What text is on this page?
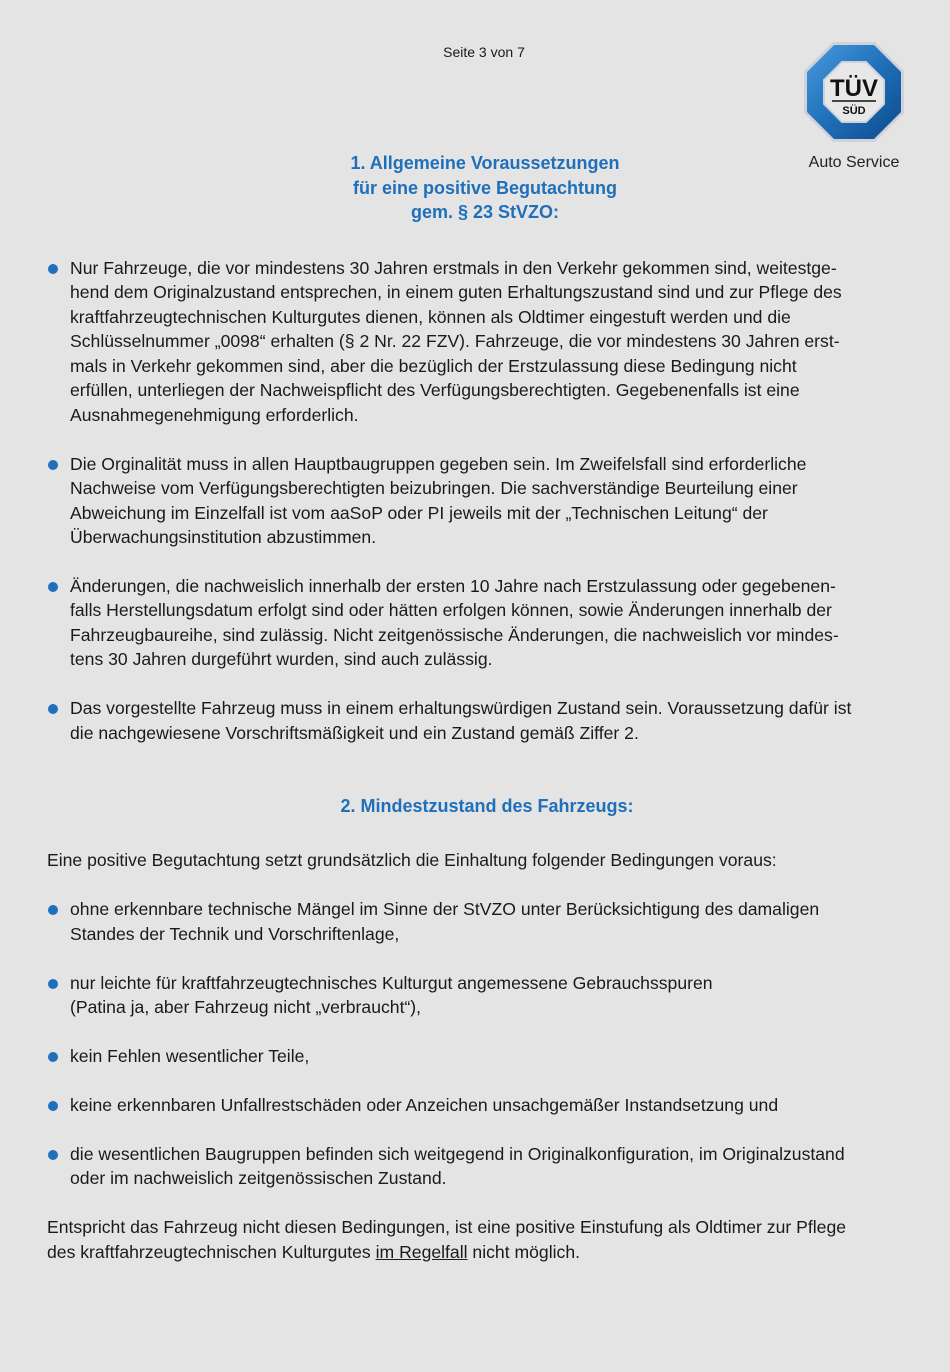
Seite 3 von 7
TÜV
SÜD
Auto Service
1. Allgemeine Voraussetzungen
für eine positive Begutachtung
gem. § 23 StVZO:
Nur Fahrzeuge, die vor mindestens 30 Jahren erstmals in den Verkehr gekommen sind, weitestge-
hend dem Originalzustand entsprechen, in einem guten Erhaltungszustand sind und zur Pflege des
kraftfahrzeugtechnischen Kulturgutes dienen, können als Oldtimer eingestuft werden und die
Schlüsselnummer „0098“ erhalten (§ 2 Nr. 22 FZV). Fahrzeuge, die vor mindestens 30 Jahren erst-
mals in Verkehr gekommen sind, aber die bezüglich der Erstzulassung diese Bedingung nicht
erfüllen, unterliegen der Nachweispflicht des Verfügungsberechtigten. Gegebenenfalls ist eine
Ausnahmegenehmigung erforderlich.
Die Orginalität muss in allen Hauptbaugruppen gegeben sein. Im Zweifelsfall sind erforderliche
Nachweise vom Verfügungsberechtigten beizubringen. Die sachverständige Beurteilung einer
Abweichung im Einzelfall ist vom aaSoP oder PI jeweils mit der „Technischen Leitung“ der
Überwachungsinstitution abzustimmen.
Änderungen, die nachweislich innerhalb der ersten 10 Jahre nach Erstzulassung oder gegebenen-
falls Herstellungsdatum erfolgt sind oder hätten erfolgen können, sowie Änderungen innerhalb der
Fahrzeugbaureihe, sind zulässig. Nicht zeitgenössische Änderungen, die nachweislich vor mindes-
tens 30 Jahren durgeführt wurden, sind auch zulässig.
Das vorgestellte Fahrzeug muss in einem erhaltungswürdigen Zustand sein. Voraussetzung dafür ist
die nachgewiesene Vorschriftsmäßigkeit und ein Zustand gemäß Ziffer 2.
2. Mindestzustand des Fahrzeugs:
Eine positive Begutachtung setzt grundsätzlich die Einhaltung folgender Bedingungen voraus:
ohne erkennbare technische Mängel im Sinne der StVZO unter Berücksichtigung des damaligen
Standes der Technik und Vorschriftenlage,
nur leichte für kraftfahrzeugtechnisches Kulturgut angemessene Gebrauchsspuren
(Patina ja, aber Fahrzeug nicht „verbraucht“),
kein Fehlen wesentlicher Teile,
keine erkennbaren Unfallrestschäden oder Anzeichen unsachgemäßer Instandsetzung und
die wesentlichen Baugruppen befinden sich weitgegend in Originalkonfiguration, im Originalzustand
oder im nachweislich zeitgenössischen Zustand.
Entspricht das Fahrzeug nicht diesen Bedingungen, ist eine positive Einstufung als Oldtimer zur Pflege
des kraftfahrzeugtechnischen Kulturgutes im Regelfall nicht möglich.
